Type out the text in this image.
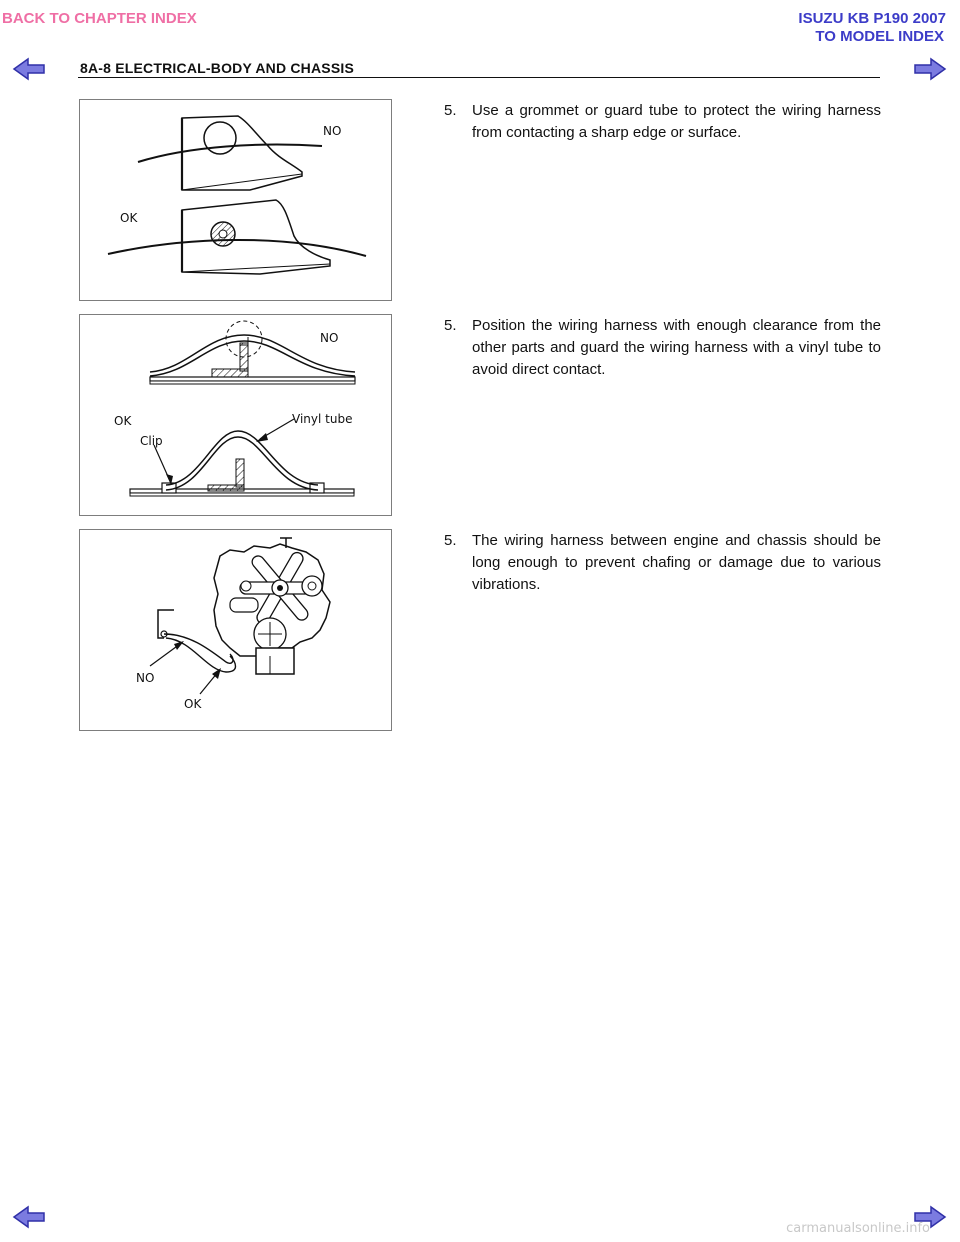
BACK TO CHAPTER INDEX	ISUZU KB P190 2007
TO MODEL INDEX
8A-8 ELECTRICAL-BODY AND CHASSIS
NO
OK
NO
OK	Vinyl tube
Clip
NO
OK
5. Use a grommet or guard tube to protect the wiring harness from contacting a sharp edge or surface.
5. Position the wiring harness with enough clearance from the other parts and guard the wiring harness with a vinyl tube to avoid direct contact.
5. The wiring harness between engine and chassis should be long enough to prevent chafing or damage due to various vibrations.
carmanualsonline.info
